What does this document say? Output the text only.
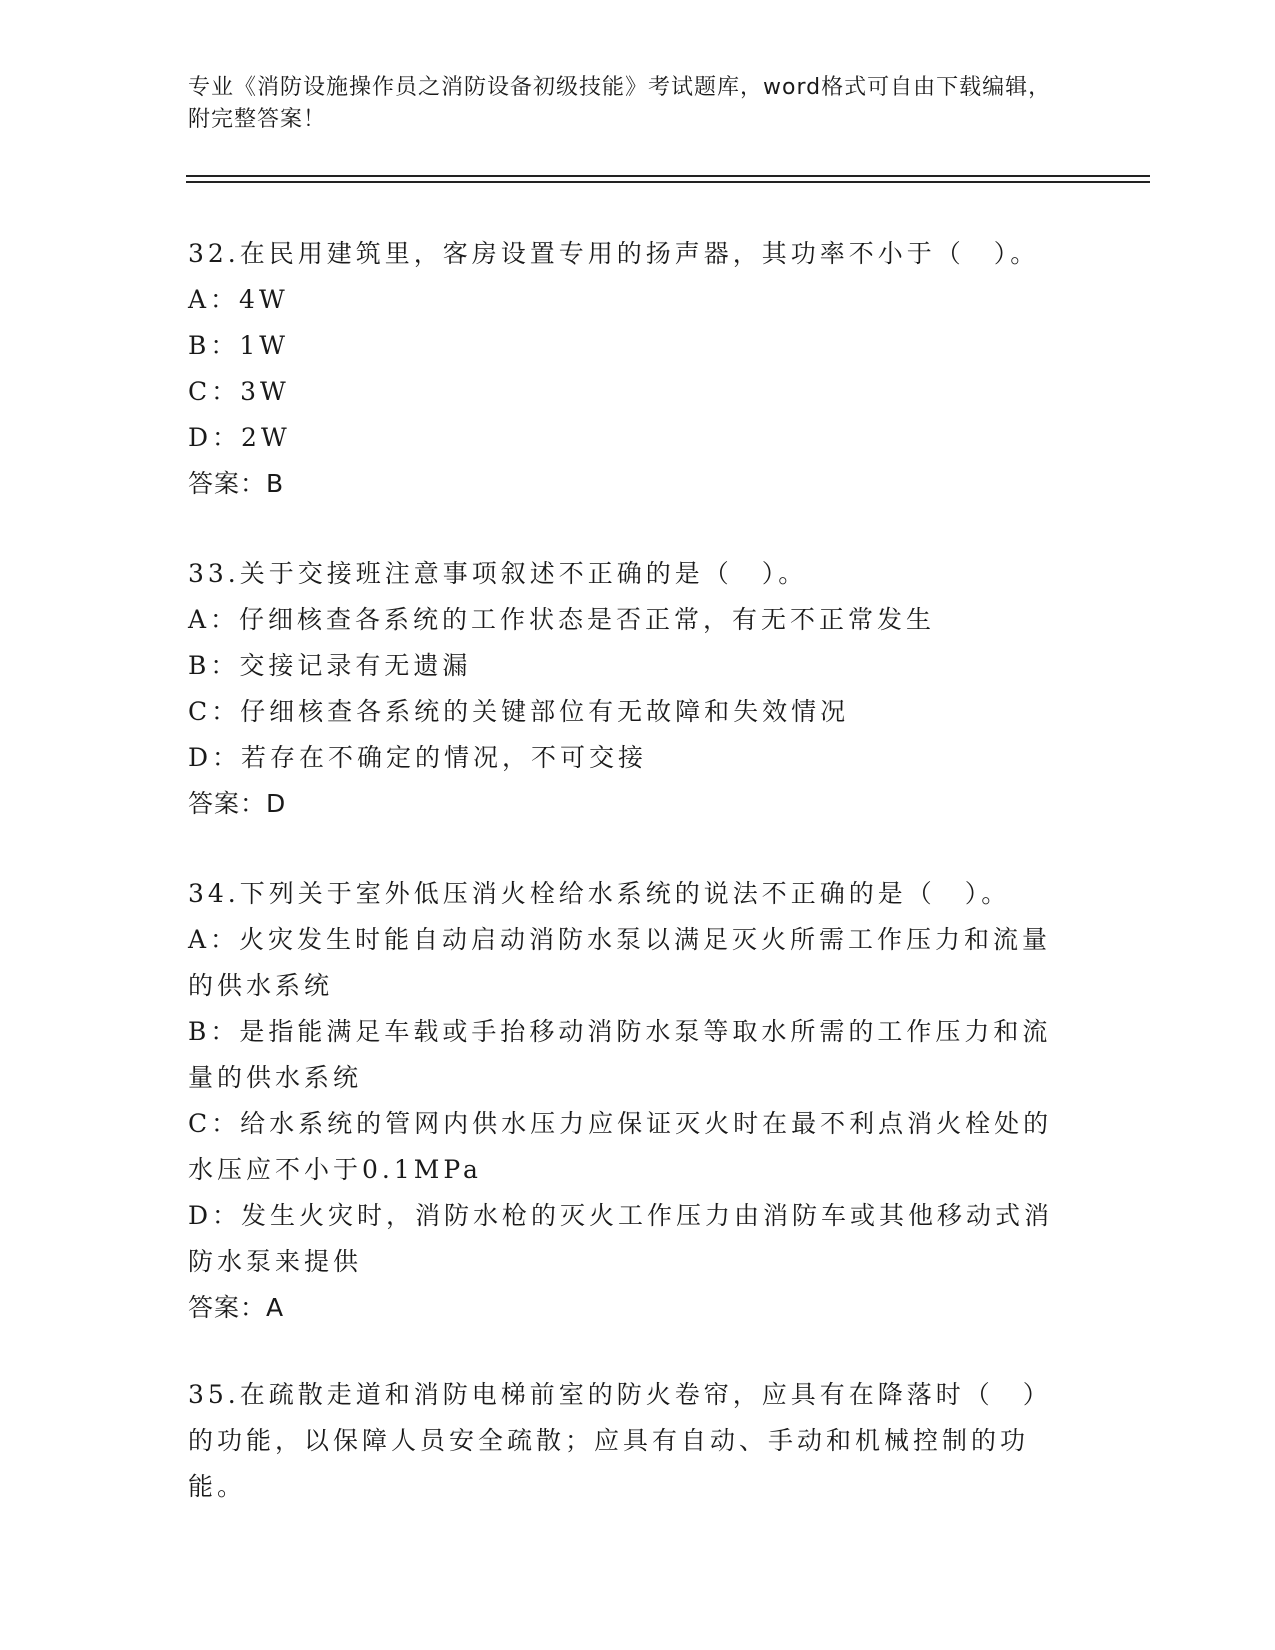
专业《消防设施操作员之消防设备初级技能》考试题库，word格式可自由下载编辑，附完整答案！

32.在民用建筑里，客房设置专用的扬声器，其功率不小于（　）。

A：4W

B：1W

C：3W

D：2W

答案：B

33.关于交接班注意事项叙述不正确的是（　）。

A：仔细核查各系统的工作状态是否正常，有无不正常发生

B：交接记录有无遗漏

C：仔细核查各系统的关键部位有无故障和失效情况

D：若存在不确定的情况，不可交接

答案：D

34.下列关于室外低压消火栓给水系统的说法不正确的是（　）。

A：火灾发生时能自动启动消防水泵以满足灭火所需工作压力和流量的供水系统

B：是指能满足车载或手抬移动消防水泵等取水所需的工作压力和流量的供水系统

C：给水系统的管网内供水压力应保证灭火时在最不利点消火栓处的水压应不小于0.1MPa

D：发生火灾时，消防水枪的灭火工作压力由消防车或其他移动式消防水泵来提供

答案：A

35.在疏散走道和消防电梯前室的防火卷帘，应具有在降落时（　）的功能，以保障人员安全疏散；应具有自动、手动和机械控制的功能。
